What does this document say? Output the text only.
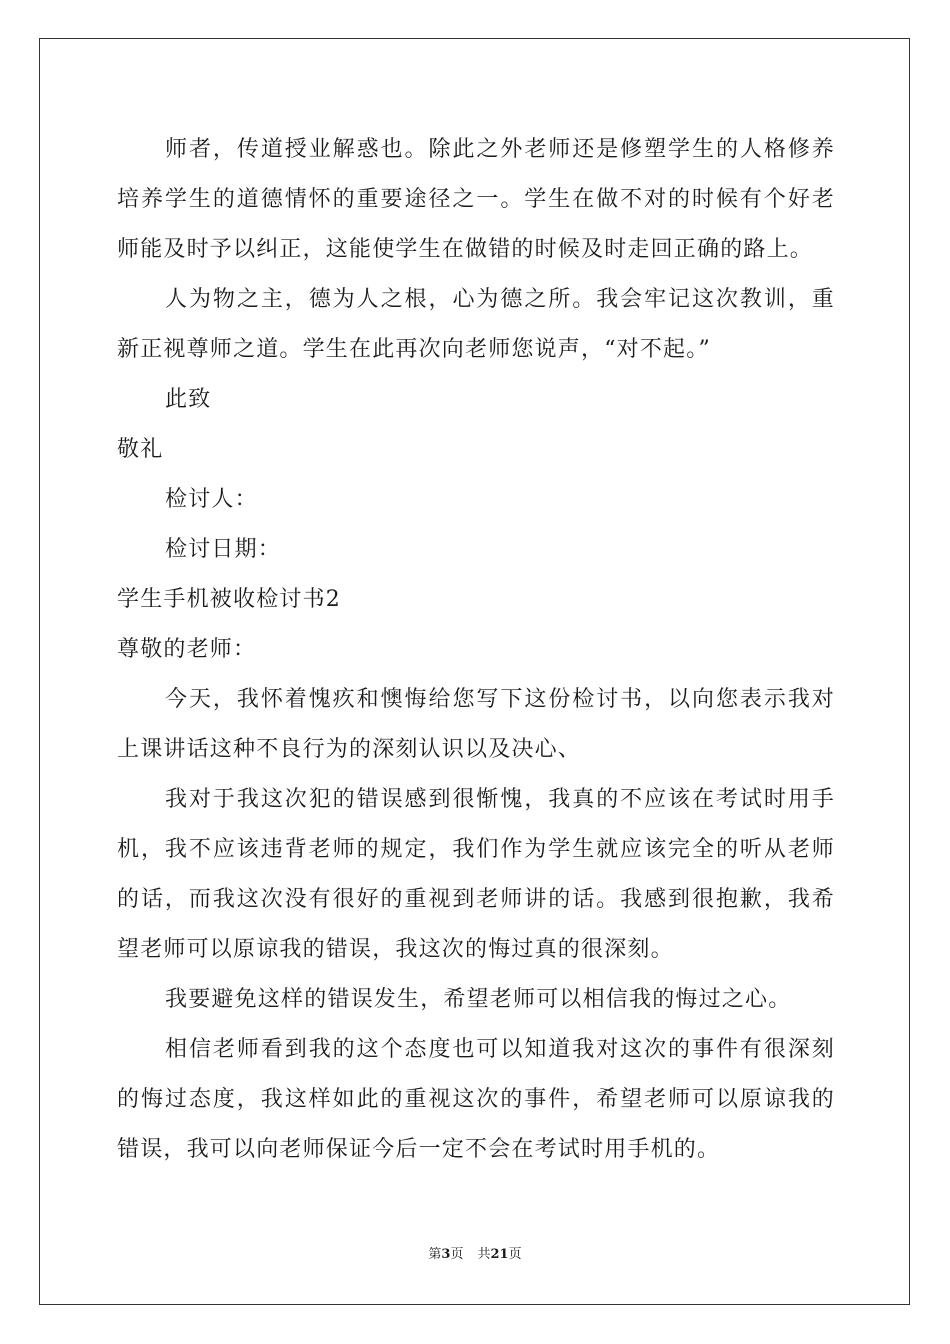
师者，传道授业解惑也。除此之外老师还是修塑学生的人格修养培养学生的道德情怀的重要途径之一。学生在做不对的时候有个好老师能及时予以纠正，这能使学生在做错的时候及时走回正确的路上。

人为物之主，德为人之根，心为德之所。我会牢记这次教训，重新正视尊师之道。学生在此再次向老师您说声，“对不起。”

此致

敬礼

检讨人：

检讨日期：

学生手机被收检讨书2

尊敬的老师：

今天，我怀着愧疚和懊悔给您写下这份检讨书，以向您表示我对上课讲话这种不良行为的深刻认识以及决心、

我对于我这次犯的错误感到很惭愧，我真的不应该在考试时用手机，我不应该违背老师的规定，我们作为学生就应该完全的听从老师的话，而我这次没有很好的重视到老师讲的话。我感到很抱歉，我希望老师可以原谅我的错误，我这次的悔过真的很深刻。

我要避免这样的错误发生，希望老师可以相信我的悔过之心。

相信老师看到我的这个态度也可以知道我对这次的事件有很深刻的悔过态度，我这样如此的重视这次的事件，希望老师可以原谅我的错误，我可以向老师保证今后一定不会在考试时用手机的。

第3页 共21页
